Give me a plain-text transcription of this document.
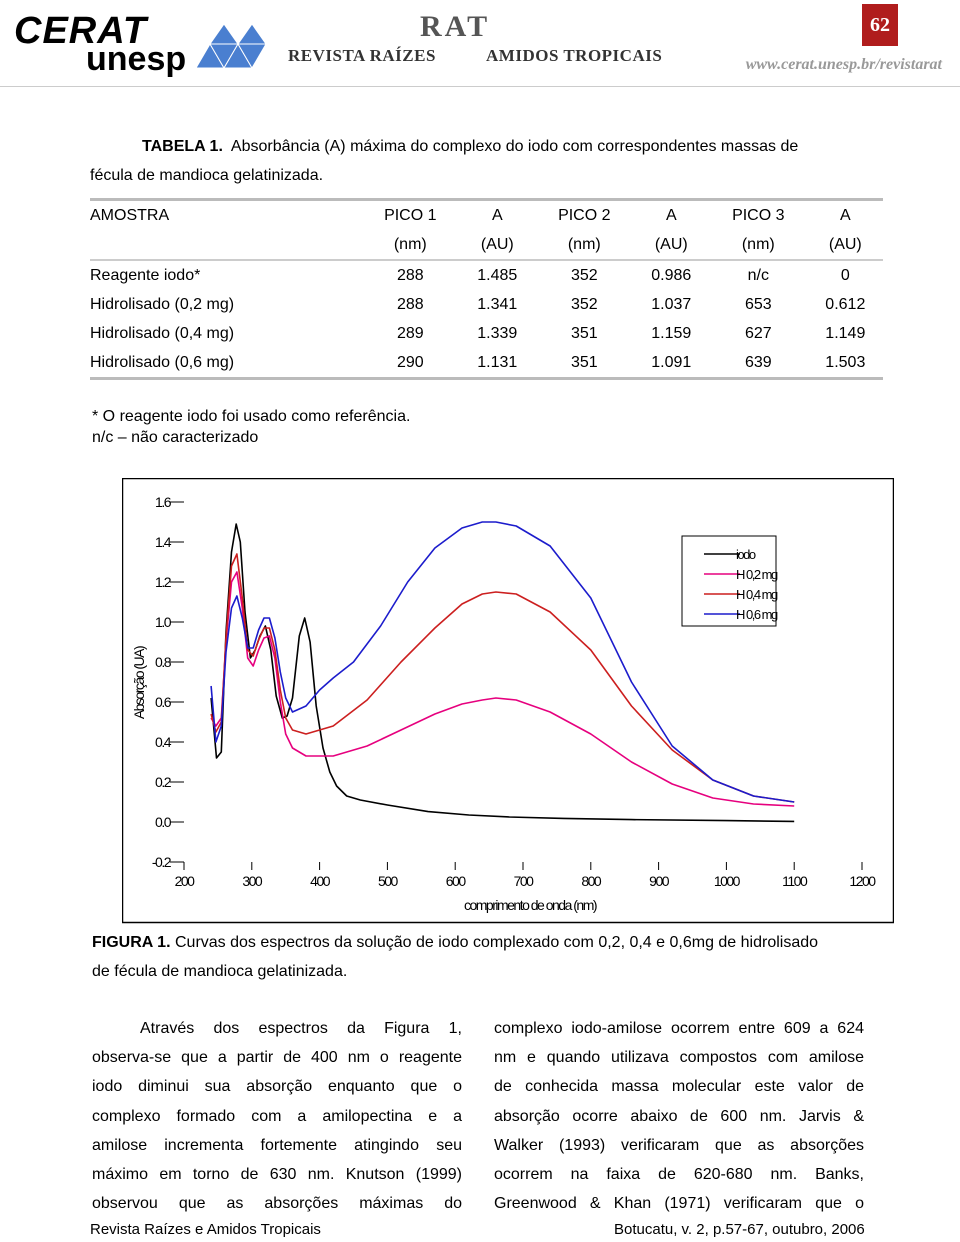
CERAT
unesp
RAT
REVISTA RAÍZES	AMIDOS TROPICAIS
62
www.cerat.unesp.br/revistarat
TABELA 1. Absorbância (A) máxima do complexo do iodo com correspondentes massas de
fécula de mandioca gelatinizada.
AMOSTRA	PICO 1	A	PICO 2	A	PICO 3	A
	(nm)	(AU)	(nm)	(AU)	(nm)	(AU)
Reagente iodo*	288	1.485	352	0.986	n/c	0
Hidrolisado (0,2 mg)	288	1.341	352	1.037	653	0.612
Hidrolisado (0,4 mg)	289	1.339	351	1.159	627	1.149
Hidrolisado (0,6 mg)	290	1.131	351	1.091	639	1.503
* O reagente iodo foi usado como referência.
n/c – não caracterizado
-0.2
0.0
0.2
0.4
0.6
0.8
1.0
1.2
1.4
1.6
200	300	400	500	600	700	800	900	1000	1100	1200
iodo
H 0,2 mg
H 0,4 mg
H 0,6 mg
comprimento de onda (nm)
Absorção (UA)
FIGURA 1. Curvas dos espectros da solução de iodo complexado com 0,2, 0,4 e 0,6mg de hidrolisado
de fécula de mandioca gelatinizada.
Através dos espectros da Figura 1,
observa-se que a partir de 400 nm o reagente
iodo diminui sua absorção enquanto que o
complexo formado com a amilopectina e a
amilose incrementa fortemente atingindo seu
máximo em torno de 630 nm. Knutson (1999)
observou que as absorções máximas do
complexo iodo-amilose ocorrem entre 609 a 624
nm e quando utilizava compostos com amilose
de conhecida massa molecular este valor de
absorção ocorre abaixo de 600 nm. Jarvis &
Walker (1993) verificaram que as absorções
ocorrem na faixa de 620-680 nm. Banks,
Greenwood & Khan (1971) verificaram que o
Revista Raízes e Amidos Tropicais	Botucatu, v. 2, p.57-67, outubro, 2006
